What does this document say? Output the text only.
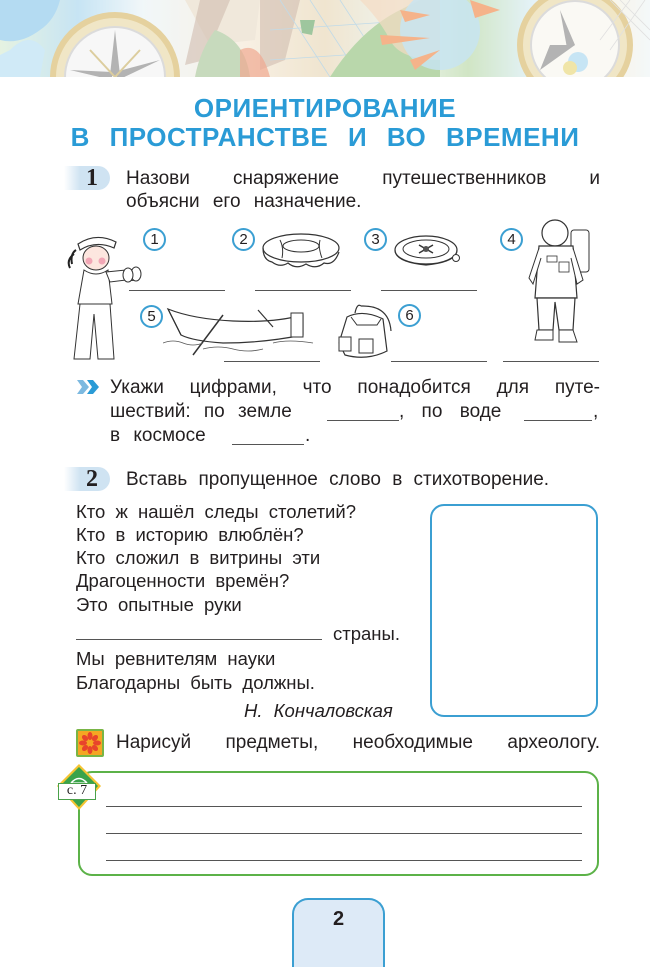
ОРИЕНТИРОВАНИЕ
В ПРОСТРАНСТВЕ И ВО ВРЕМЕНИ
1	Назови снаряжение путешественников и
объясни его назначение.
1	2	3	4
5	6
Укажи цифрами, что понадобится для путе-
шествий: по земле	, по воде	,
в космосе	.
2	Вставь пропущенное слово в стихотворение.
Кто ж нашёл следы столетий?
Кто в историю влюблён?
Кто сложил в витрины эти
Драгоценности времён?
Это опытные руки
страны.
Мы ревнителям науки
Благодарны быть должны.
Н. Кончаловская
Нарисуй предметы, необходимые археологу.
с. 7
2
